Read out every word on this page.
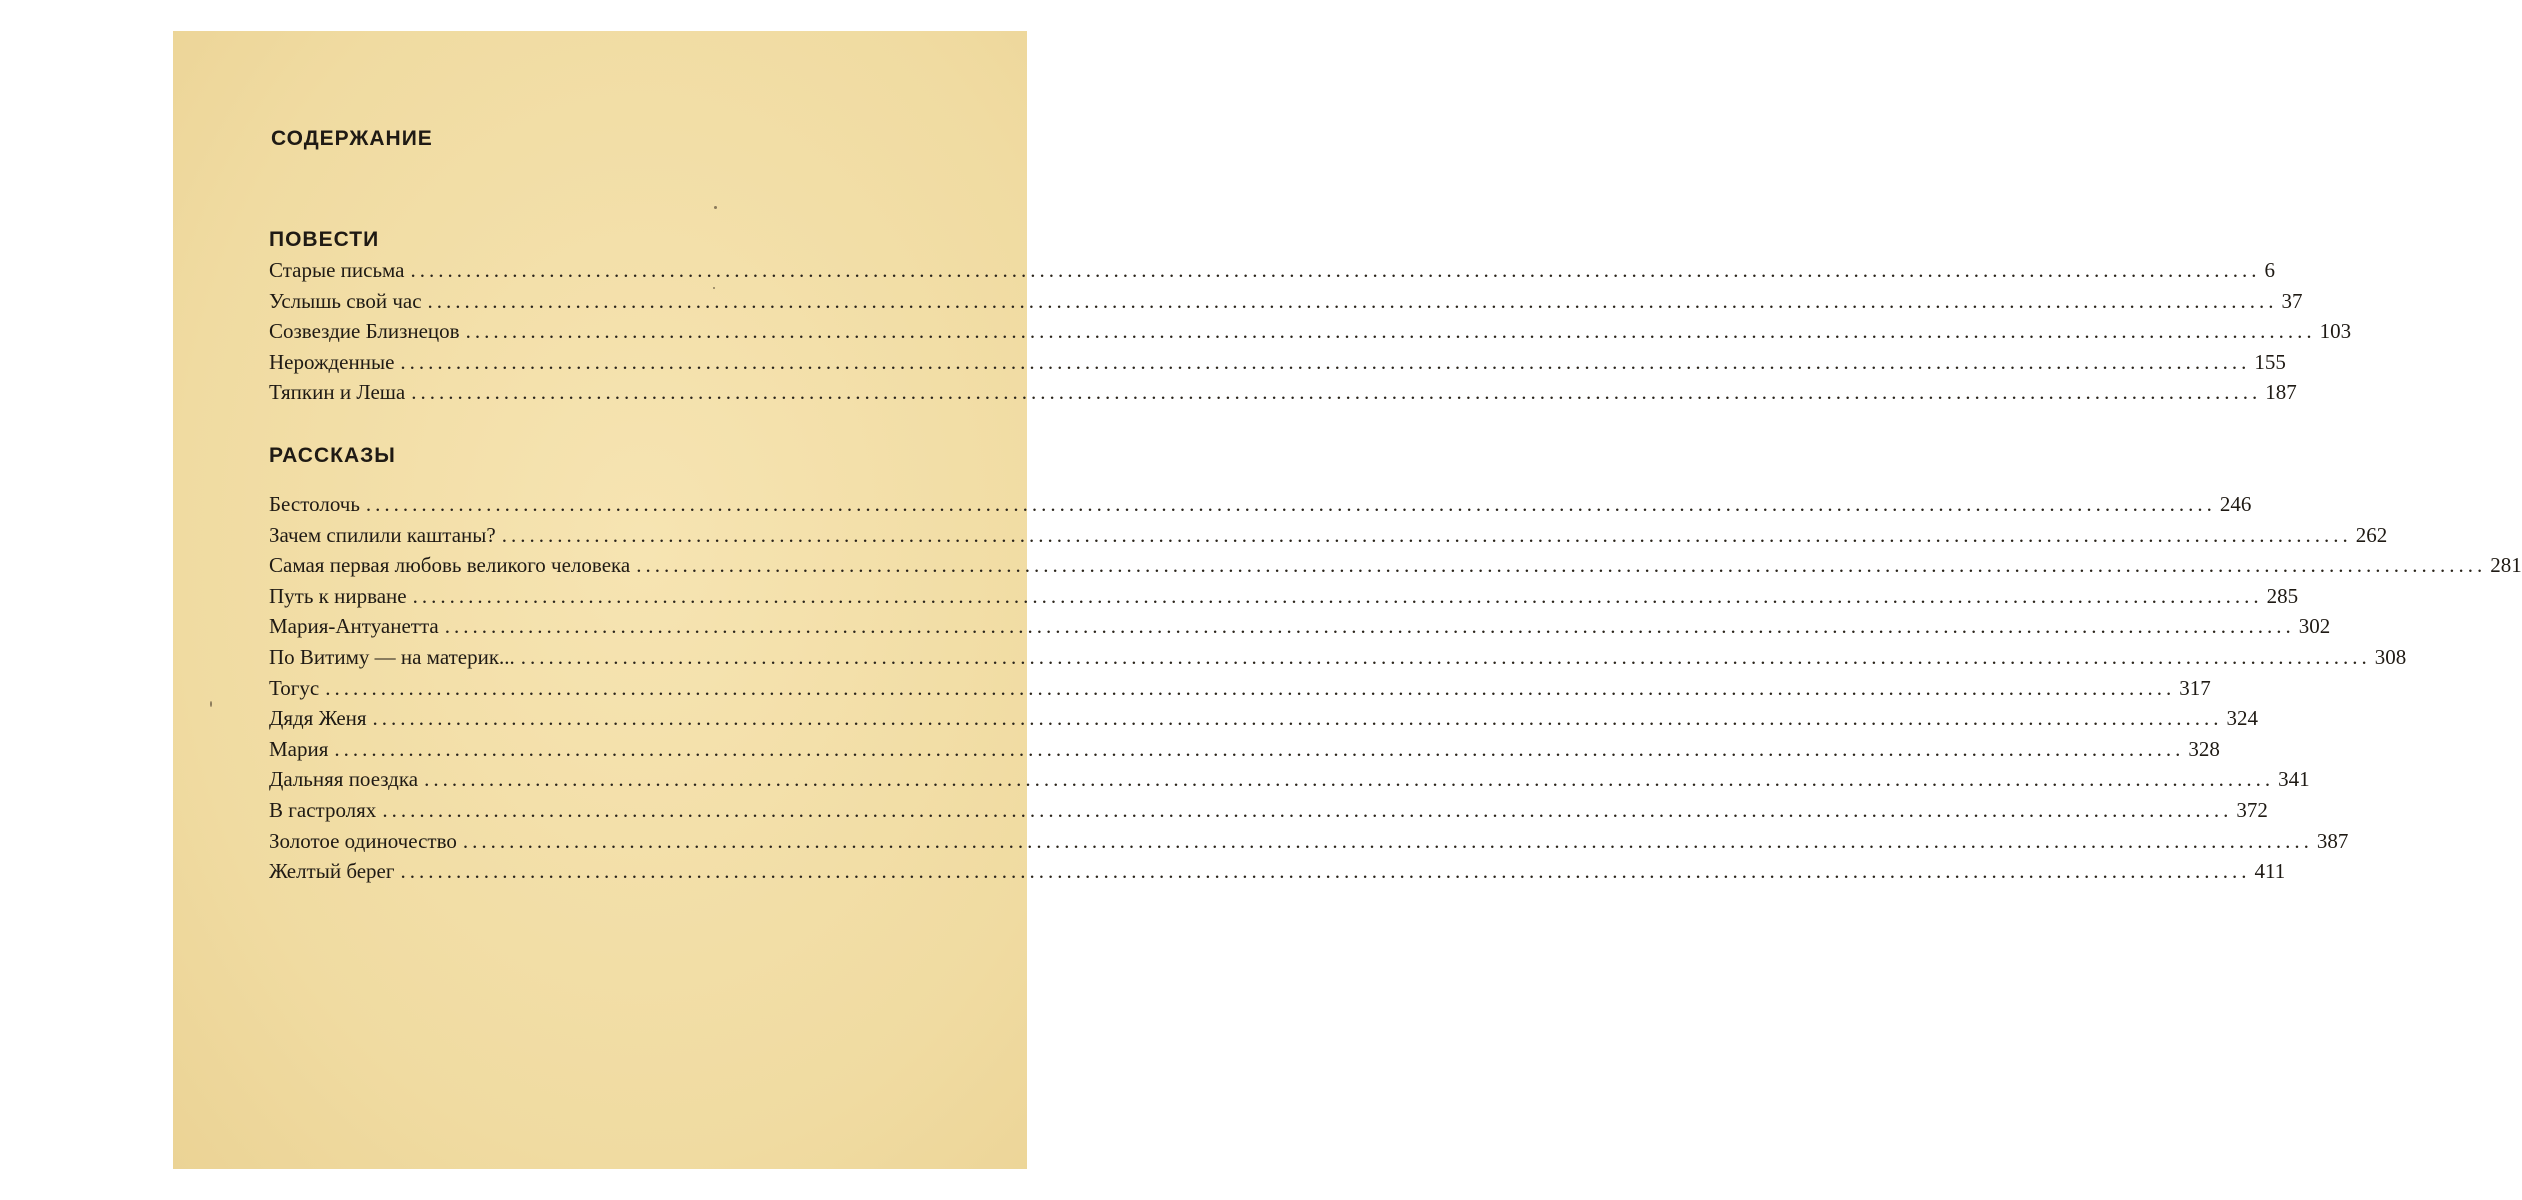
СОДЕРЖАНИЕ
ПОВЕСТИ
Старые письма ........................................................................................................................................................................................................ 6
Услышь свой час ........................................................................................................................................................................................................ 37
Созвездие Близнецов ........................................................................................................................................................................................................ 103
Нерожденные ........................................................................................................................................................................................................ 155
Тяпкин и Леша ........................................................................................................................................................................................................ 187
РАССКАЗЫ
Бестолочь ........................................................................................................................................................................................................ 246
Зачем спилили каштаны? ........................................................................................................................................................................................................ 262
Самая первая любовь великого человека ........................................................................................................................................................................................................ 281
Путь к нирване ........................................................................................................................................................................................................ 285
Мария-Антуанетта ........................................................................................................................................................................................................ 302
По Витиму — на материк... ........................................................................................................................................................................................................ 308
Тогус ........................................................................................................................................................................................................ 317
Дядя Женя ........................................................................................................................................................................................................ 324
Мария ........................................................................................................................................................................................................ 328
Дальняя поездка ........................................................................................................................................................................................................ 341
В гастролях ........................................................................................................................................................................................................ 372
Золотое одиночество ........................................................................................................................................................................................................ 387
Желтый берег ........................................................................................................................................................................................................ 411
